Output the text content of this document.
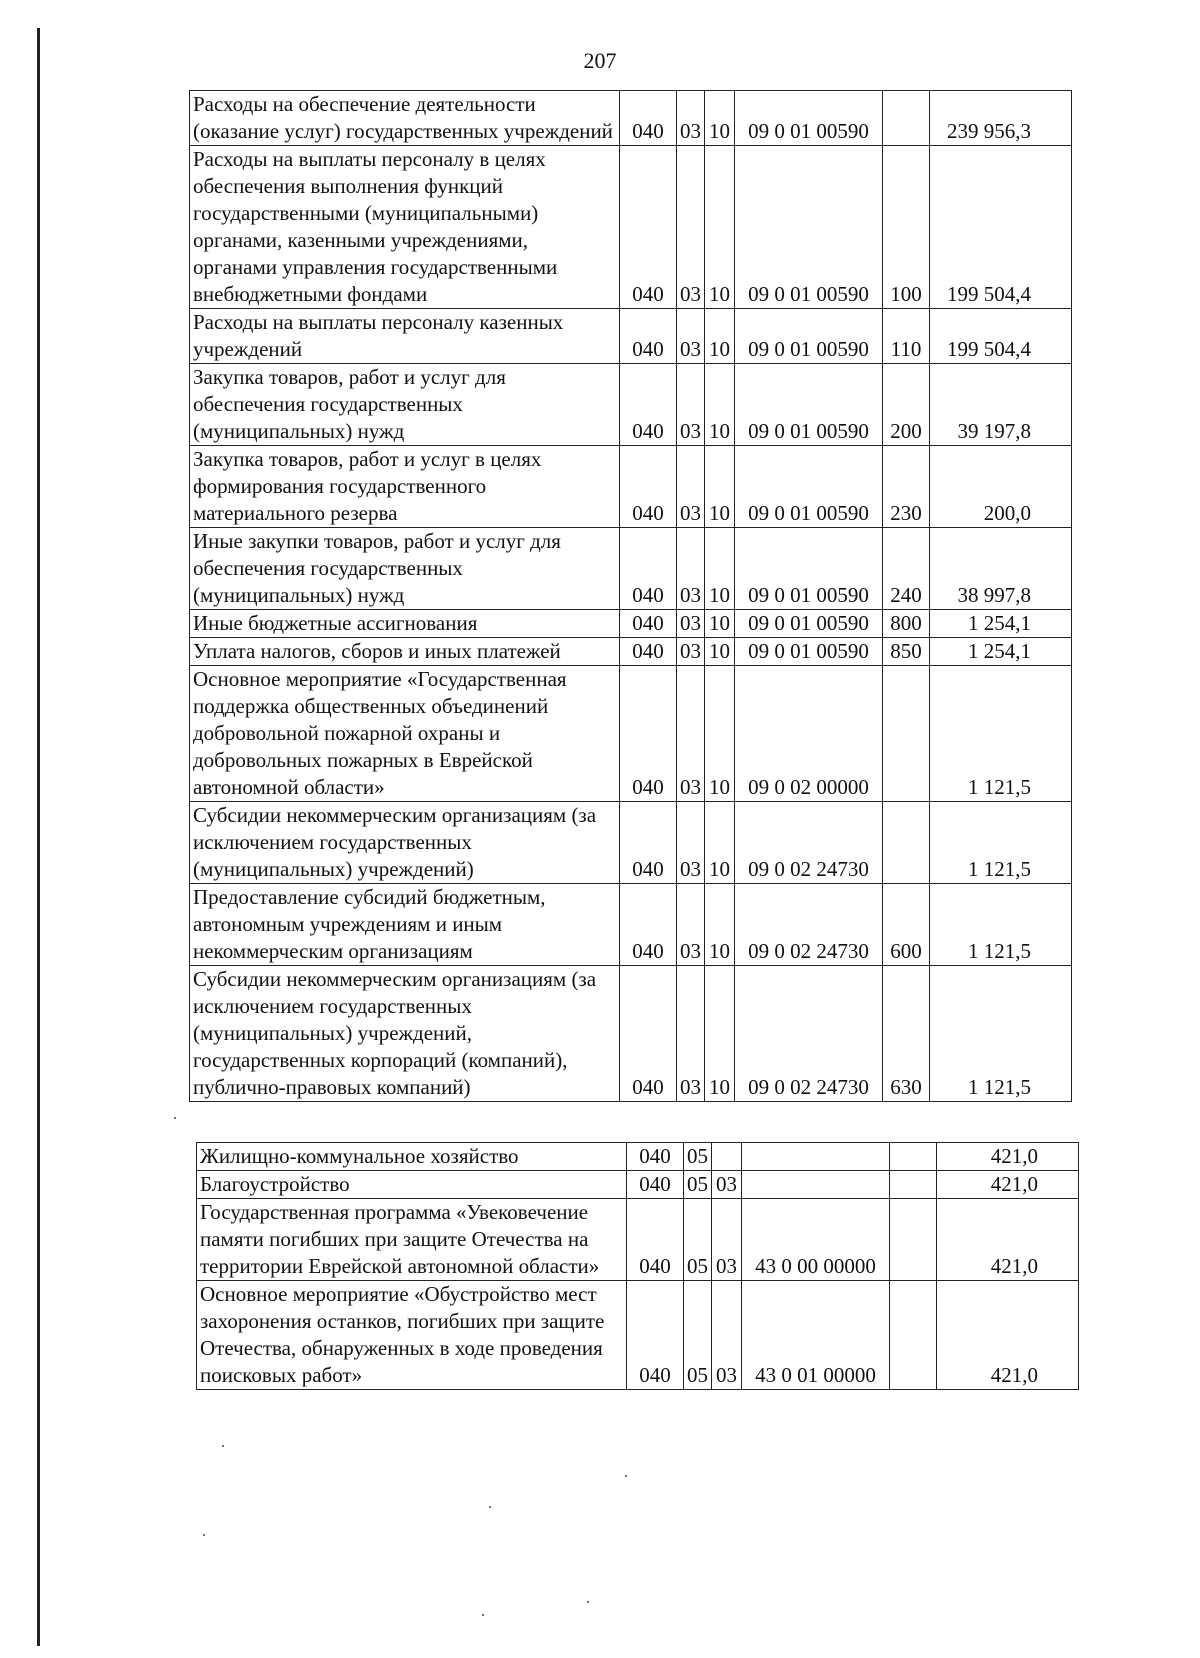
207
Расходы на обеспечение деятельности (оказание услуг) государственных учреждений	040	03	10	09 0 01 00590		239 956,3
Расходы на выплаты персоналу в целях обеспечения выполнения функций государственными (муниципальными) органами, казенными учреждениями, органами управления государственными внебюджетными фондами	040	03	10	09 0 01 00590	100	199 504,4
Расходы на выплаты персоналу казенных учреждений	040	03	10	09 0 01 00590	110	199 504,4
Закупка товаров, работ и услуг для обеспечения государственных (муниципальных) нужд	040	03	10	09 0 01 00590	200	39 197,8
Закупка товаров, работ и услуг в целях формирования государственного материального резерва	040	03	10	09 0 01 00590	230	200,0
Иные закупки товаров, работ и услуг для обеспечения государственных (муниципальных) нужд	040	03	10	09 0 01 00590	240	38 997,8
Иные бюджетные ассигнования	040	03	10	09 0 01 00590	800	1 254,1
Уплата налогов, сборов и иных платежей	040	03	10	09 0 01 00590	850	1 254,1
Основное мероприятие «Государственная поддержка общественных объединений добровольной пожарной охраны и добровольных пожарных в Еврейской автономной области»	040	03	10	09 0 02 00000		1 121,5
Субсидии некоммерческим организациям (за исключением государственных (муниципальных) учреждений)	040	03	10	09 0 02 24730		1 121,5
Предоставление субсидий бюджетным, автономным учреждениям и иным некоммерческим организациям	040	03	10	09 0 02 24730	600	1 121,5
Субсидии некоммерческим организациям (за исключением государственных (муниципальных) учреждений, государственных корпораций (компаний), публично-правовых компаний)	040	03	10	09 0 02 24730	630	1 121,5
Жилищно-коммунальное хозяйство	040	05				421,0
Благоустройство	040	05	03			421,0
Государственная программа «Увековечение памяти погибших при защите Отечества на территории Еврейской автономной области»	040	05	03	43 0 00 00000		421,0
Основное мероприятие «Обустройство мест захоронения останков, погибших при защите Отечества, обнаруженных в ходе проведения поисковых работ»	040	05	03	43 0 01 00000		421,0
